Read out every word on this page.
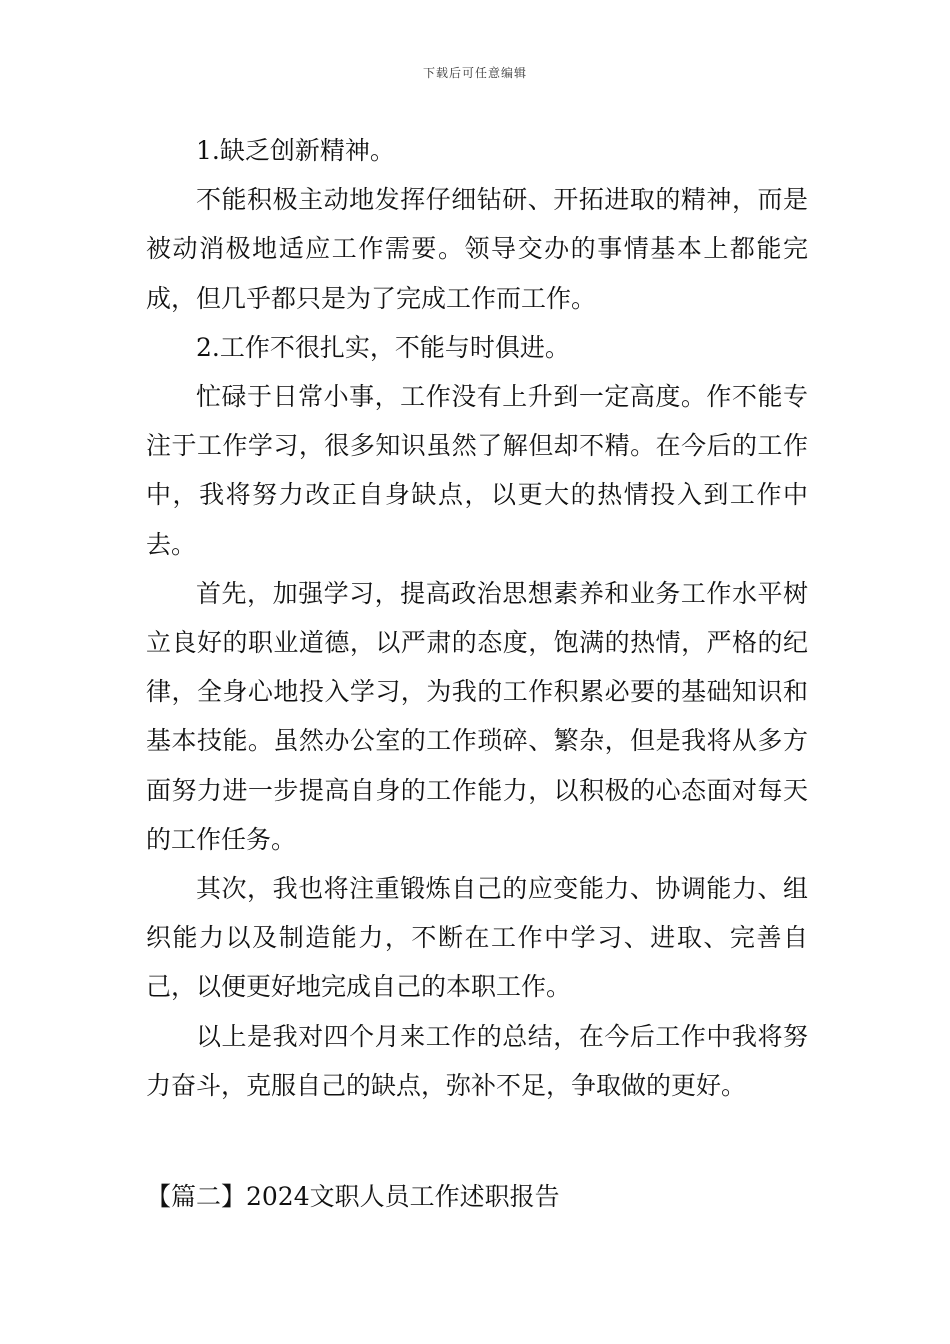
下载后可任意编辑

1.缺乏创新精神。

不能积极主动地发挥仔细钻研、开拓进取的精神，而是被动消极地适应工作需要。领导交办的事情基本上都能完成，但几乎都只是为了完成工作而工作。

2.工作不很扎实，不能与时俱进。

忙碌于日常小事，工作没有上升到一定高度。作不能专注于工作学习，很多知识虽然了解但却不精。在今后的工作中，我将努力改正自身缺点，以更大的热情投入到工作中去。

首先，加强学习，提高政治思想素养和业务工作水平树立良好的职业道德，以严肃的态度，饱满的热情，严格的纪律，全身心地投入学习，为我的工作积累必要的基础知识和基本技能。虽然办公室的工作琐碎、繁杂，但是我将从多方面努力进一步提高自身的工作能力，以积极的心态面对每天的工作任务。

其次，我也将注重锻炼自己的应变能力、协调能力、组织能力以及制造能力，不断在工作中学习、进取、完善自己，以便更好地完成自己的本职工作。

以上是我对四个月来工作的总结，在今后工作中我将努力奋斗，克服自己的缺点，弥补不足，争取做的更好。

【篇二】2024文职人员工作述职报告
